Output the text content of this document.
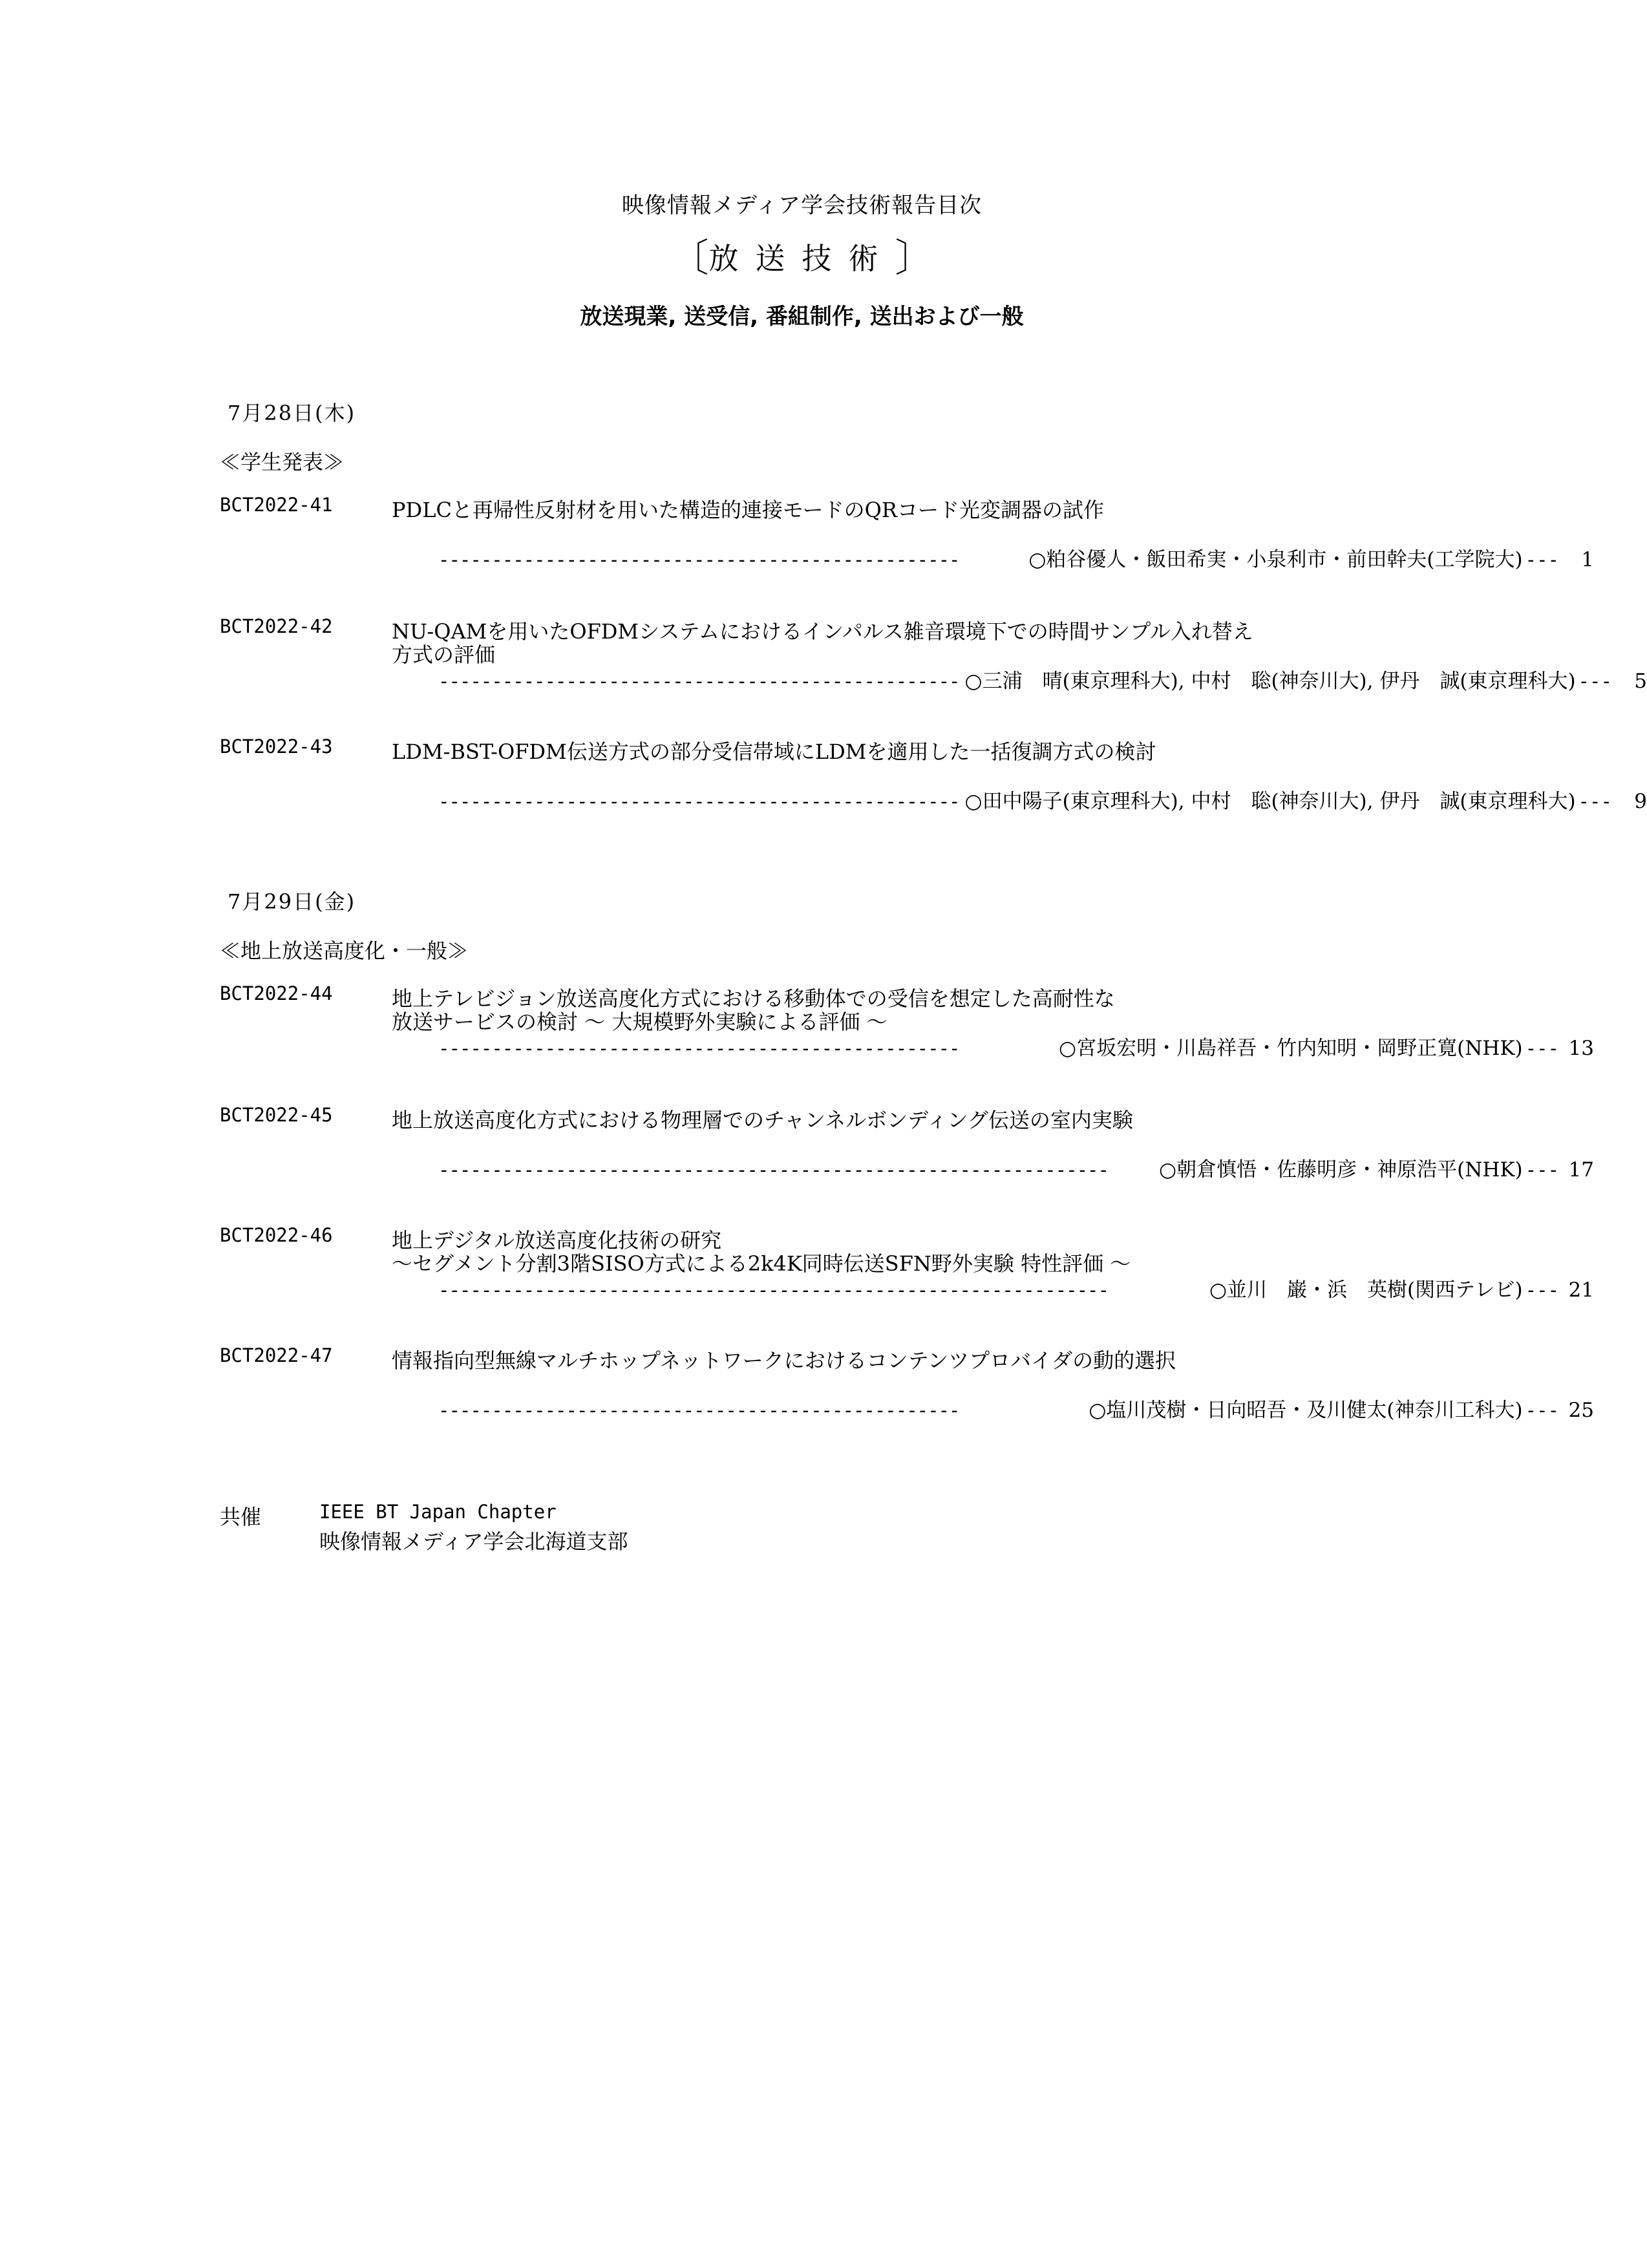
映像情報メディア学会技術報告目次
〔放送技術〕
放送現業, 送受信, 番組制作, 送出および一般
7月28日(木)
≪学生発表≫
BCT2022-41	PDLCと再帰性反射材を用いた構造的連接モードのQRコード光変調器の試作
-------------------------------------------------	○粕谷優人・飯田希実・小泉利市・前田幹夫(工学院大) ---	1
BCT2022-42	NU-QAMを用いたOFDMシステムにおけるインパルス雑音環境下での時間サンプル入れ替え
方式の評価
------------------------------------------------- ○三浦　晴(東京理科大), 中村　聡(神奈川大), 伊丹　誠(東京理科大) ---	5
BCT2022-43	LDM-BST-OFDM伝送方式の部分受信帯域にLDMを適用した一括復調方式の検討
------------------------------------------------- ○田中陽子(東京理科大), 中村　聡(神奈川大), 伊丹　誠(東京理科大) ---	9
7月29日(金)
≪地上放送高度化・一般≫
BCT2022-44	地上テレビジョン放送高度化方式における移動体での受信を想定した高耐性な
放送サービスの検討 ～ 大規模野外実験による評価 ～
-------------------------------------------------	○宮坂宏明・川島祥吾・竹内知明・岡野正寛(NHK) --- 13
BCT2022-45	地上放送高度化方式における物理層でのチャンネルボンディング伝送の室内実験
---------------------------------------------------------------	○朝倉慎悟・佐藤明彦・神原浩平(NHK) --- 17
BCT2022-46	地上デジタル放送高度化技術の研究
～セグメント分割3階SISO方式による2k4K同時伝送SFN野外実験 特性評価 ～
---------------------------------------------------------------	○並川　巌・浜　英樹(関西テレビ) --- 21
BCT2022-47	情報指向型無線マルチホップネットワークにおけるコンテンツプロバイダの動的選択
-------------------------------------------------	○塩川茂樹・日向昭吾・及川健太(神奈川工科大) --- 25
共催	IEEE BT Japan Chapter
映像情報メディア学会北海道支部
